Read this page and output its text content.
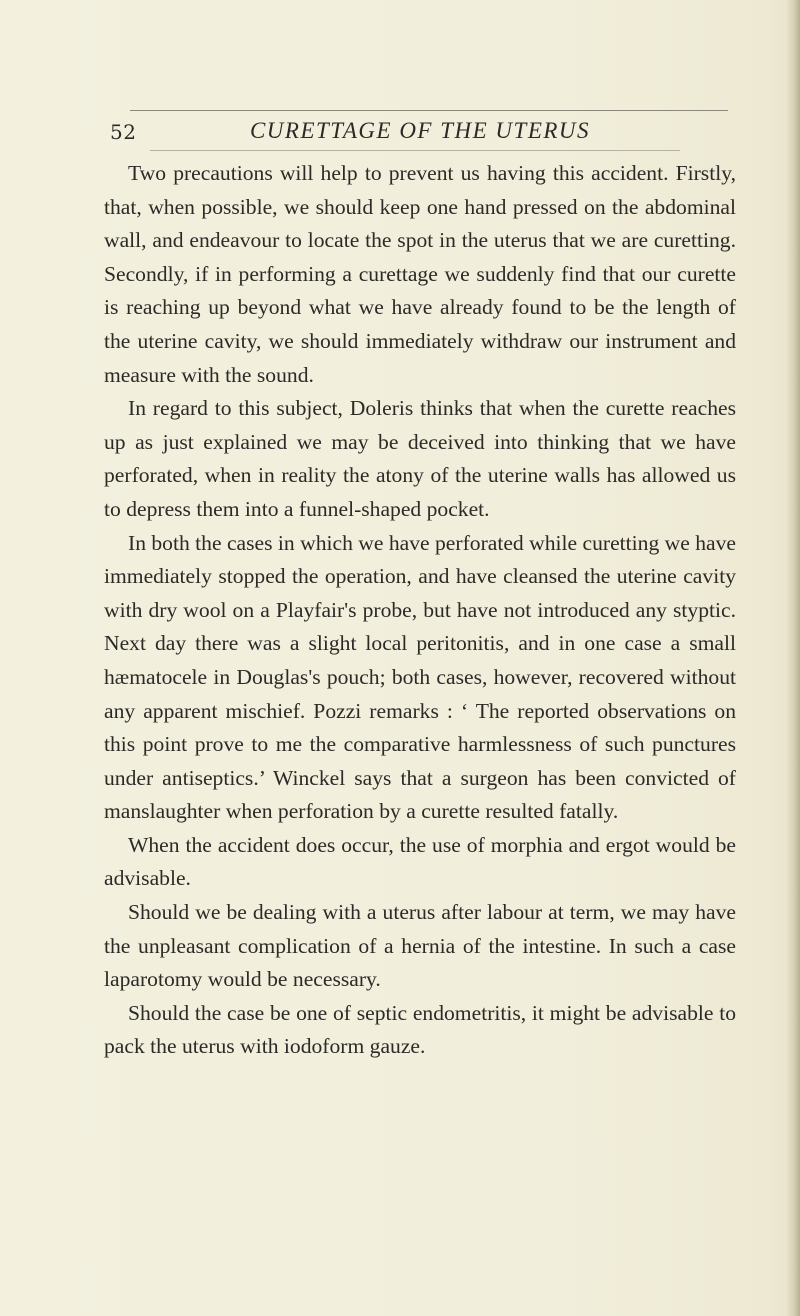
52	CURETTAGE OF THE UTERUS

Two precautions will help to prevent us having this accident. Firstly, that, when possible, we should keep one hand pressed on the abdominal wall, and endeavour to locate the spot in the uterus that we are curetting. Secondly, if in performing a curettage we suddenly find that our curette is reaching up beyond what we have already found to be the length of the uterine cavity, we should immediately withdraw our instrument and measure with the sound.

In regard to this subject, Doleris thinks that when the curette reaches up as just explained we may be deceived into thinking that we have perforated, when in reality the atony of the uterine walls has allowed us to depress them into a funnel-shaped pocket.

In both the cases in which we have perforated while curetting we have immediately stopped the operation, and have cleansed the uterine cavity with dry wool on a Playfair's probe, but have not introduced any styptic. Next day there was a slight local peritonitis, and in one case a small hæmatocele in Douglas's pouch; both cases, however, recovered without any apparent mischief. Pozzi remarks : ‘ The reported observations on this point prove to me the comparative harmlessness of such punctures under antiseptics.’ Winckel says that a surgeon has been convicted of manslaughter when perforation by a curette resulted fatally.

When the accident does occur, the use of morphia and ergot would be advisable.

Should we be dealing with a uterus after labour at term, we may have the unpleasant complication of a hernia of the intestine. In such a case laparotomy would be necessary.

Should the case be one of septic endometritis, it might be advisable to pack the uterus with iodoform gauze.
